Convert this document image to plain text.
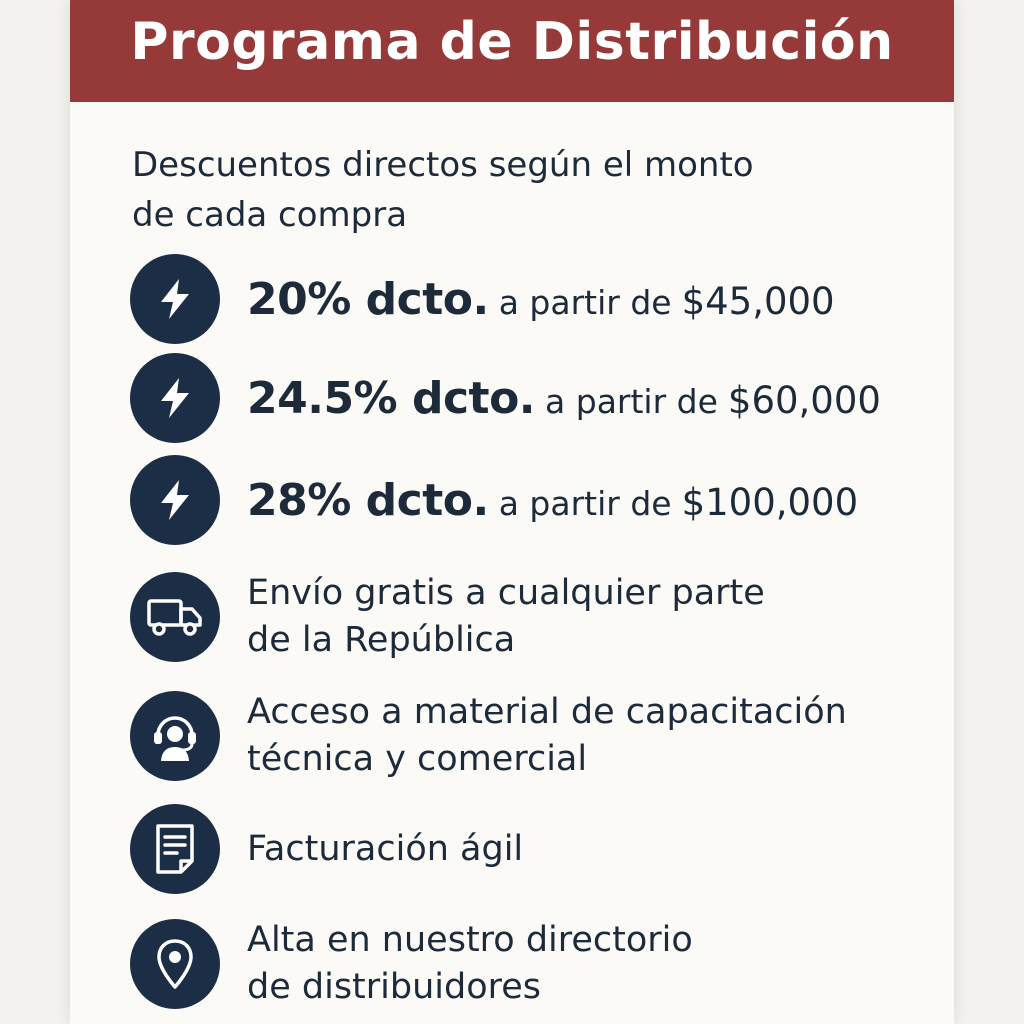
Programa de Distribución
Descuentos directos según el monto
de cada compra
20% dcto. a partir de $45,000
24.5% dcto. a partir de $60,000
28% dcto. a partir de $100,000
Envío gratis a cualquier parte
de la República
Acceso a material de capacitación
técnica y comercial
Facturación ágil
Alta en nuestro directorio
de distribuidores
